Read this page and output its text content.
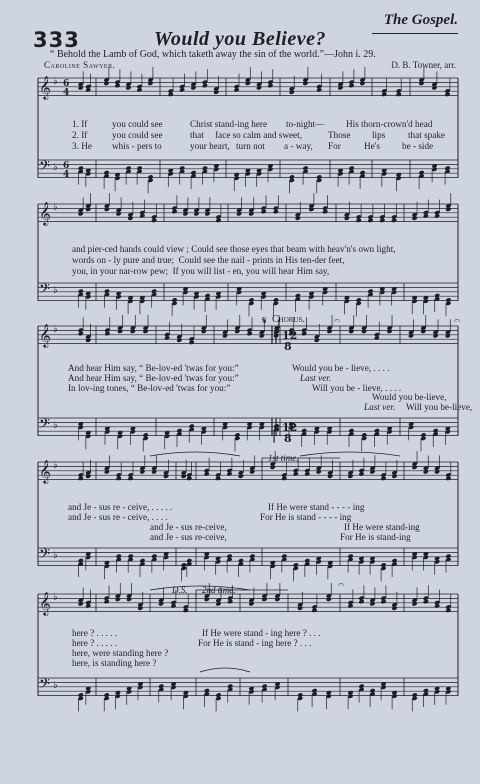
333
The Gospel.
Would you Believe?
“ Behold the Lamb of God, which taketh away the sin of the world.”—John i. 29.
Caroline Sawyer.	D. B. Towner, arr.
𝄞 ♭ 6
4
𝄢 ♭ 6
4
𝄞 ♭
𝄢 ♭
𝄞 ♭
𝄢 ♭
𝄞 ♭
𝄢 ♭
𝄞 ♭
𝄢 ♭
12
8
12
8
𝄋	𝄐	𝄐
𝄐
1. If	you could see	Christ stand-ing here to-night— His thorn-crown'd head
2. If	you could see	that face so calm and sweet,	Those lips that spake
3. He whis - pers to	your heart, turn not a - way, For	He's be - side
and pier-ced hands could view ; Could see those eyes that beam with heav'n's own light,
words on - ly pure and true;  Could see the nail - prints in His ten-der feet,
you, in your nar-row pew;  If you will list - en, you will hear Him say,
Chorus.
And hear Him say, “ Be-lov-ed 'twas for you:”	Would you be - lieve, . . . .
And hear Him say, “ Be-lov-ed 'twas for you:”	Last ver.
In lov-ing tones, “ Be-lov-ed 'twas for you:”	Will you be - lieve, . . . .
Would you be-lieve,
Last ver. Will you be-lieve,
1st time.
and Je - sus re - ceive, . . . . .	If He were stand - - - - ing
and Je - sus re - ceive, . . . .	For He is stand - - - - ing
and Je - sus re-ceive,	If He were stand-ing
and Je - sus re-ceive,	For He is stand-ing
D.S. 2nd time.
here ? . . . . .	If He were stand - ing here ? . . .
here ? . . . . .	For He is stand - ing here ? . . .
here, were standing here ?
here, is standing here ?
